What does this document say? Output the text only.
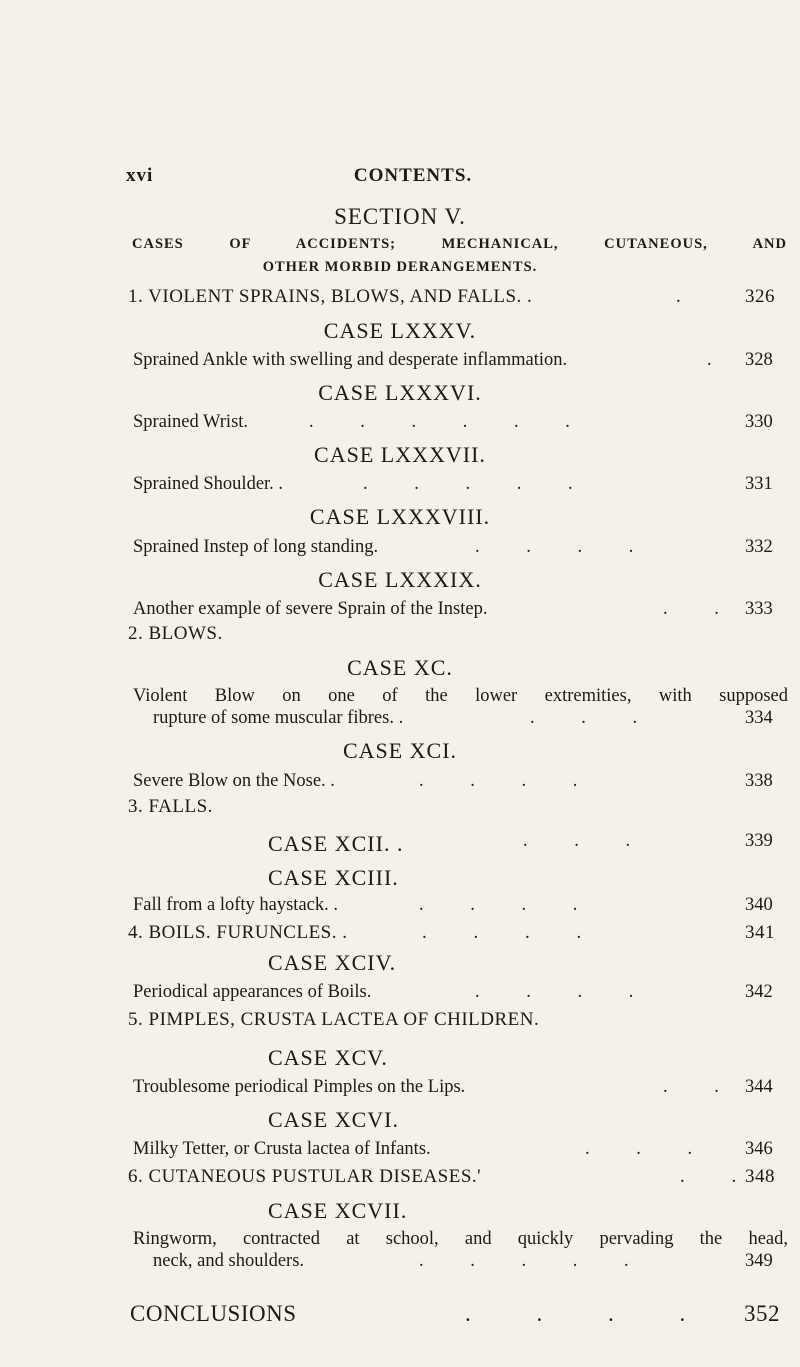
xvi	CONTENTS.
SECTION V.
CASES OF ACCIDENTS; MECHANICAL, CUTANEOUS, AND
OTHER MORBID DERANGEMENTS.
1. VIOLENT SPRAINS, BLOWS, AND FALLS. .	.	326
CASE LXXXV.
Sprained Ankle with swelling and desperate inflammation.	. 328
CASE LXXXVI.
Sprained Wrist.	. . . . . .	330
CASE LXXXVII.
Sprained Shoulder. .	. . . . .	331
CASE LXXXVIII.
Sprained Instep of long standing.	. . . .	332
CASE LXXXIX.
Another example of severe Sprain of the Instep.	. . 333
2. BLOWS.
CASE XC.
Violent Blow on one of the lower extremities, with supposed
rupture of some muscular fibres. .	. . .	334
CASE XCI.
Severe Blow on the Nose. .	. . . .	338
3. FALLS.
CASE XCII. .	. . .	339
CASE XCIII.
Fall from a lofty haystack. .	. . . .	340
4. BOILS. FURUNCLES. .	. . . .	341
CASE XCIV.
Periodical appearances of Boils.	. . . .	342
5. PIMPLES, CRUSTA LACTEA OF CHILDREN.
CASE XCV.
Troublesome periodical Pimples on the Lips.	. . 344
CASE XCVI.
Milky Tetter, or Crusta lactea of Infants.	. . .	346
6. CUTANEOUS PUSTULAR DISEASES.'	. . 348
CASE XCVII.
Ringworm, contracted at school, and quickly pervading the head,
neck, and shoulders.	. . . . .	349
CONCLUSIONS	. . . . 352
